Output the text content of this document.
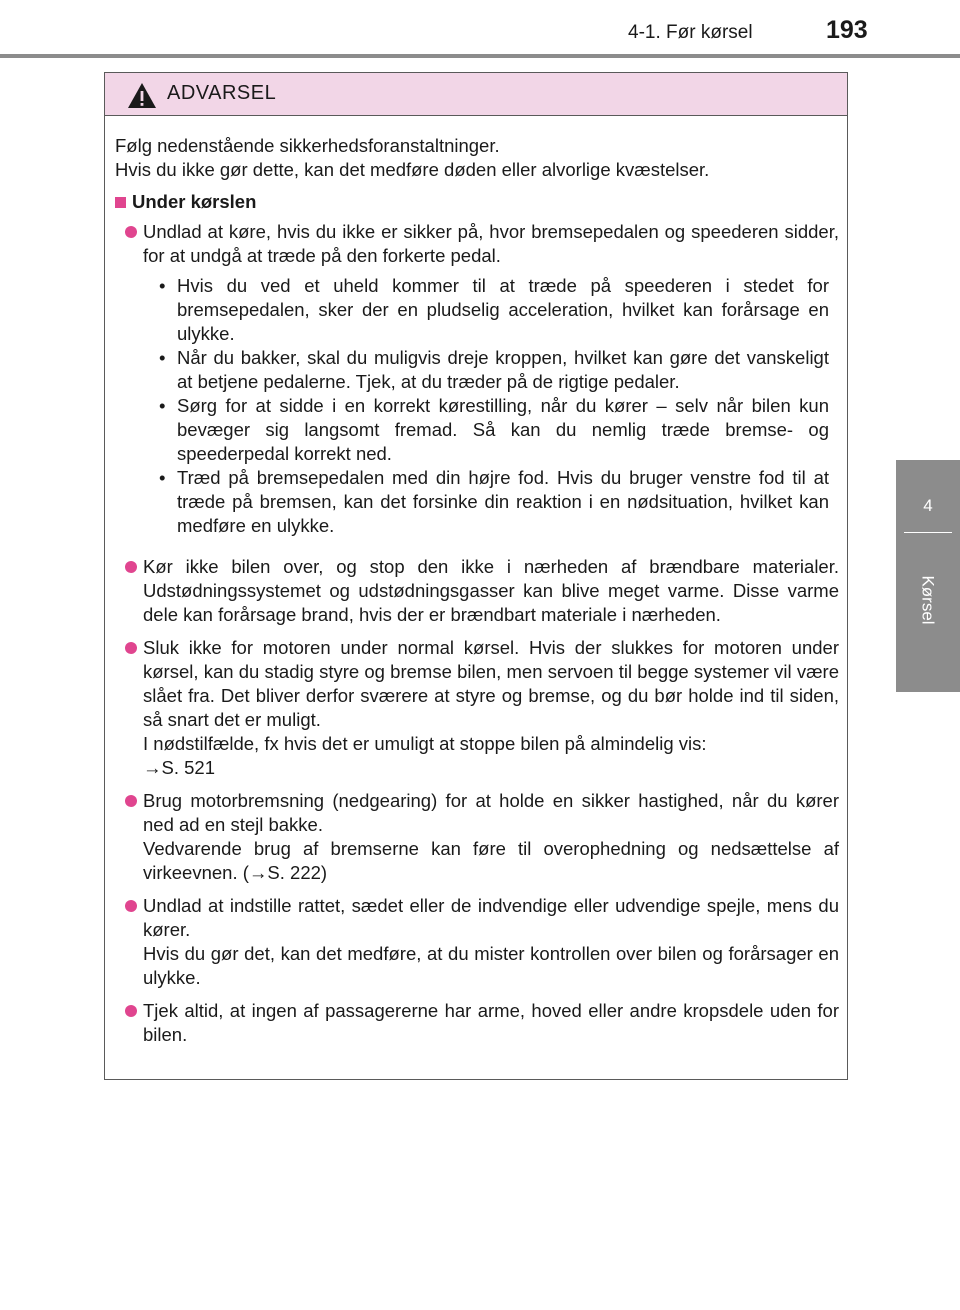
4-1. Før kørsel	193
4
Kørsel
ADVARSEL
Følg nedenstående sikkerhedsforanstaltninger.
Hvis du ikke gør dette, kan det medføre døden eller alvorlige kvæstelser.
Under kørslen
Undlad at køre, hvis du ikke er sikker på, hvor bremsepedalen og speederen sidder, for at undgå at træde på den forkerte pedal.
• Hvis du ved et uheld kommer til at træde på speederen i stedet for bremsepedalen, sker der en pludselig acceleration, hvilket kan forårsage en ulykke.
• Når du bakker, skal du muligvis dreje kroppen, hvilket kan gøre det vanskeligt at betjene pedalerne. Tjek, at du træder på de rigtige pedaler.
• Sørg for at sidde i en korrekt kørestilling, når du kører – selv når bilen kun bevæger sig langsomt fremad. Så kan du nemlig træde bremse- og speederpedal korrekt ned.
• Træd på bremsepedalen med din højre fod. Hvis du bruger venstre fod til at træde på bremsen, kan det forsinke din reaktion i en nødsituation, hvilket kan medføre en ulykke.
Kør ikke bilen over, og stop den ikke i nærheden af brændbare materialer. Udstødningssystemet og udstødningsgasser kan blive meget varme. Disse varme dele kan forårsage brand, hvis der er brændbart materiale i nærheden.
Sluk ikke for motoren under normal kørsel. Hvis der slukkes for motoren under kørsel, kan du stadig styre og bremse bilen, men servoen til begge systemer vil være slået fra. Det bliver derfor sværere at styre og bremse, og du bør holde ind til siden, så snart det er muligt.
I nødstilfælde, fx hvis det er umuligt at stoppe bilen på almindelig vis:
→S. 521
Brug motorbremsning (nedgearing) for at holde en sikker hastighed, når du kører ned ad en stejl bakke.
Vedvarende brug af bremserne kan føre til overophedning og nedsættelse af virkeevnen. (→S. 222)
Undlad at indstille rattet, sædet eller de indvendige eller udvendige spejle, mens du kører.
Hvis du gør det, kan det medføre, at du mister kontrollen over bilen og forårsager en ulykke.
Tjek altid, at ingen af passagererne har arme, hoved eller andre kropsdele uden for bilen.
